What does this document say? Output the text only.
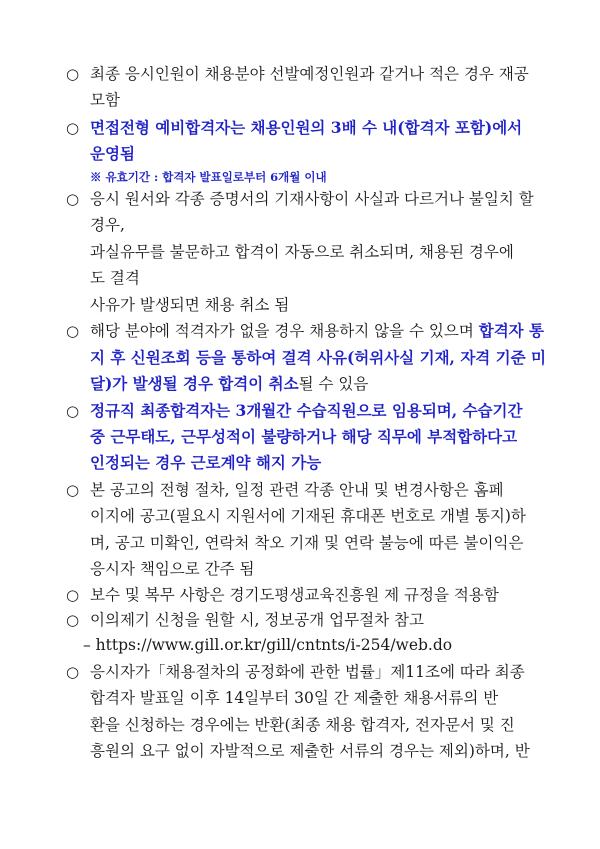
○ 최종 응시인원이 채용분야 선발예정인원과 같거나 적은 경우 재공
모함
○ 면접전형 예비합격자는 채용인원의 3배 수 내(합격자 포함)에서
운영됨
※ 유효기간 : 합격자 발표일로부터 6개월 이내
○ 응시 원서와 각종 증명서의 기재사항이 사실과 다르거나 불일치 할
경우,
과실유무를 불문하고 합격이 자동으로 취소되며, 채용된 경우에
도 결격
사유가 발생되면 채용 취소 됨
○ 해당 분야에 적격자가 없을 경우 채용하지 않을 수 있으며 합격자 통
지 후 신원조회 등을 통하여 결격 사유(허위사실 기재, 자격 기준 미
달)가 발생될 경우 합격이 취소될 수 있음
○ 정규직 최종합격자는 3개월간 수습직원으로 임용되며, 수습기간
중 근무태도, 근무성적이 불량하거나 해당 직무에 부적합하다고
인정되는 경우 근로계약 해지 가능
○ 본 공고의 전형 절차, 일정 관련 각종 안내 및 변경사항은 홈페
이지에 공고(필요시 지원서에 기재된 휴대폰 번호로 개별 통지)하
며, 공고 미확인, 연락처 착오 기재 및 연락 불능에 따른 불이익은
응시자 책임으로 간주 됨
○ 보수 및 복무 사항은 경기도평생교육진흥원 제 규정을 적용함
○ 이의제기 신청을 원할 시, 정보공개 업무절차 참고
– https://www.gill.or.kr/gill/cntnts/i-254/web.do
○ 응시자가「채용절차의 공정화에 관한 법률」제11조에 따라 최종
합격자 발표일 이후 14일부터 30일 간 제출한 채용서류의 반
환을 신청하는 경우에는 반환(최종 채용 합격자, 전자문서 및 진
흥원의 요구 없이 자발적으로 제출한 서류의 경우는 제외)하며, 반
